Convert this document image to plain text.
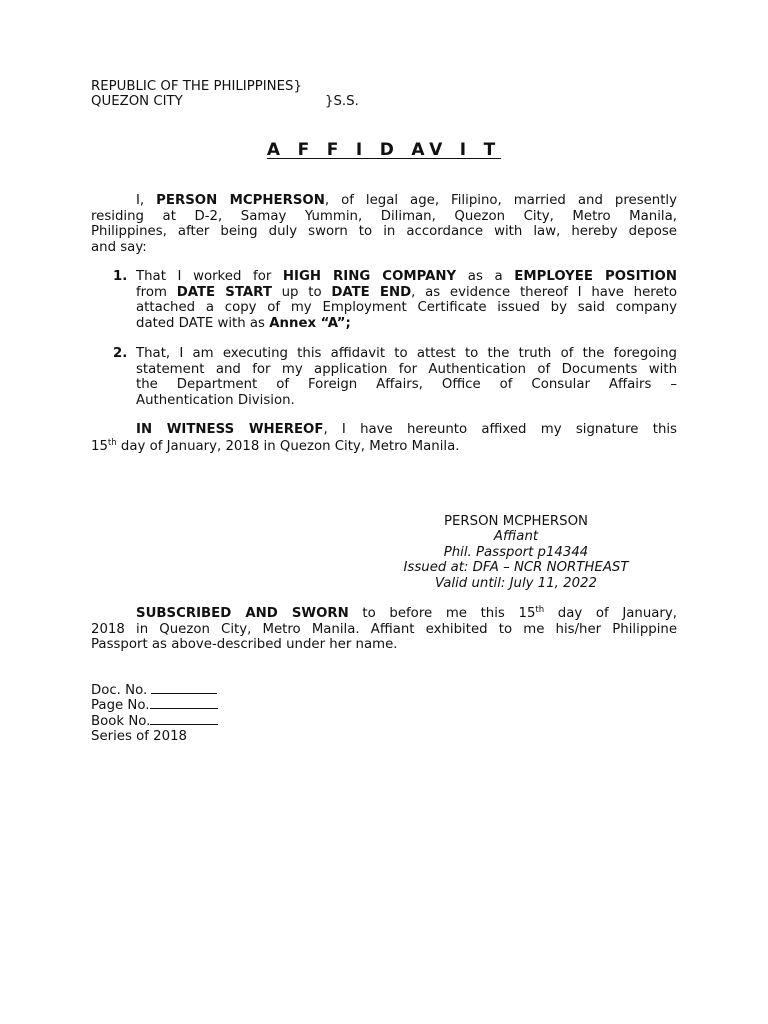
REPUBLIC OF THE PHILIPPINES}
QUEZON CITY	}S.S.
A F F I D AV I T
I, PERSON MCPHERSON, of legal age, Filipino, married and presently
residing at D-2, Samay Yummin, Diliman, Quezon City, Metro Manila,
Philippines, after being duly sworn to in accordance with law, hereby depose
and say:
1. That I worked for HIGH RING COMPANY as a EMPLOYEE POSITION
from DATE START up to DATE END, as evidence thereof I have hereto
attached a copy of my Employment Certificate issued by said company
dated DATE with as Annex “A”;
2. That, I am executing this affidavit to attest to the truth of the foregoing
statement and for my application for Authentication of Documents with
the Department of Foreign Affairs, Office of Consular Affairs –
Authentication Division.
IN WITNESS WHEREOF, I have hereunto affixed my signature this
15th day of January, 2018 in Quezon City, Metro Manila.
PERSON MCPHERSON
Affiant
Phil. Passport p14344
Issued at: DFA – NCR NORTHEAST
Valid until: July 11, 2022
SUBSCRIBED AND SWORN to before me this 15th day of January,
2018 in Quezon City, Metro Manila. Affiant exhibited to me his/her Philippine
Passport as above-described under her name.
Doc. No.
Page No.
Book No.
Series of 2018
